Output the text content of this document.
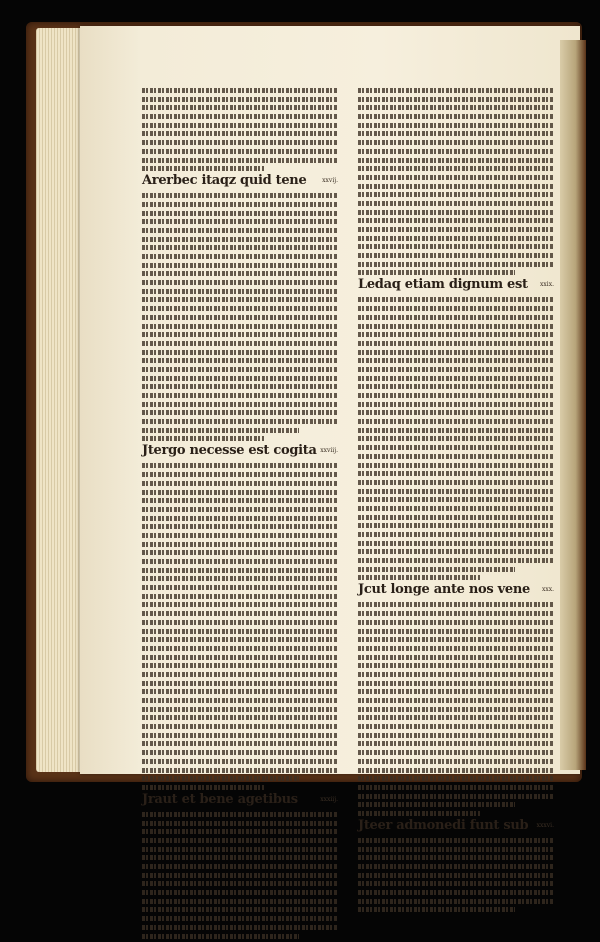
Arerbec itaqz quid tene	xxvij.
Jtergo necesse est cogita xxviij.
Jraut et bene agetibus	xxxiij.
Ledaq etiam dignum est xxix.
Jcut longe ante nos vene xxx.
Jteer admonedi funt sub xxxvi.
